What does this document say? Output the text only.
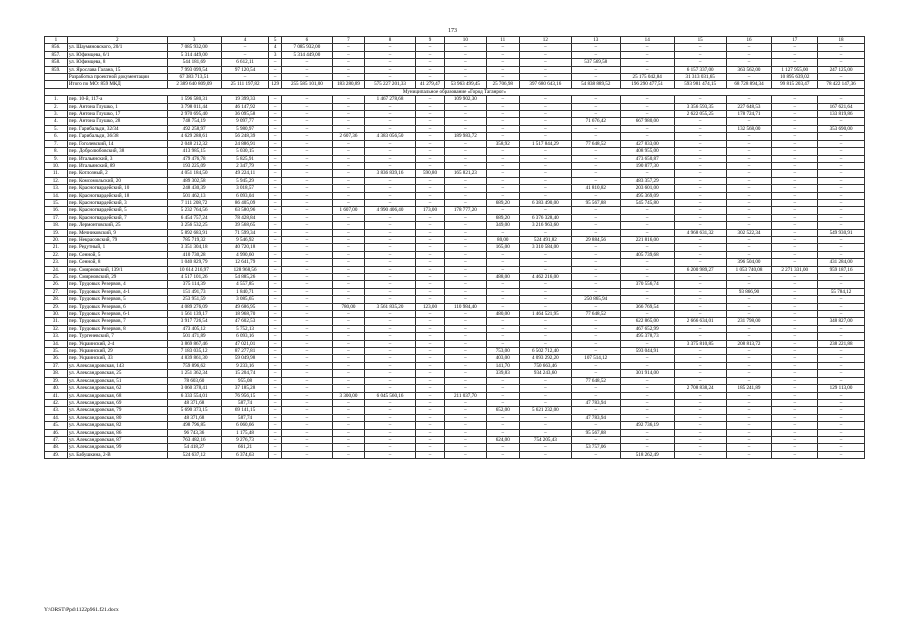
173
1	2	3	4	5	6	7	8	9	10	11	12	13	14	15	16	17	18
856.	ул. Шаумяновского, 20/1	7 085 932,00	–	4	7 085 932,00	–	–	–	–	–	–	–	–	–	–	–	–
857.	ул. Юфимцева, 6/1	5 314 449,00	–	3	5 314 449,00	–	–	–	–	–	–	–	–	–	–	–	–
858.	ул. Юфимцева, 8	544 181,69	6 612,11	–	–	–	–	–	–	–	–	537 569,58	–	–	–	–	–
859.	ул. Ярослава Галана, 15	7 993 099,54	97 120,54	–	–	–	–	–	–	–	–	–	–	6 157 337,00	363 562,00	1 127 955,00	247 125,00
	Разработка проектной документации	67 383 713,51	–	–	–	–	–	–	–	–	–	–	25 175 042,84	31 313 031,65	–	10 895 639,02	–
	Итого по МО: 859 МКД	2 389 640 809,09	25 111 197,82	129	255 585 101,00	183 280,89	575 227 201,33	41 279,47	53 963 499,45	25 706,98	397 680 643,16	54 838 889,52	196 290 477,51	593 981 474,15	68 728 894,34	99 815 203,47	78 422 147,36
Муниципальное образование «Город Таганрог»																	
1.	пер. 10-й, 117-а	1 596 580,31	19 399,33	–	–	–	1 467 278,68	–	109 902,30	–	–	–	–	–	–	–	–
2.	пер. Антона Глушко, 1	3 798 011,44	46 147,92	–	–	–	–	–	–	–	–	–	–	3 356 593,35	227 648,53	–	167 621,64
3.	пер. Антона Глушко, 17	2 970 695,40	36 095,58	–	–	–	–	–	–	–	–	–	–	2 622 055,25	178 724,71	–	133 819,86
4.	пер. Антона Глушко, 28	748 754,19	9 097,77	–	–	–	–	–	–	–	–	71 676,42	667 980,00	–	–	–	–
5.	пер. Гарибальди, 32/34	492 258,97	5 980,97	–	–	–	–	–	–	–	–	–	–	–	132 568,00	–	353 690,00
6.	пер. Гарибальди, 36/38	4 629 288,61	56 248,39	–	–	2 607,36	4 383 056,50	–	189 983,72	–	–	–	–	–	–	–	–
7.	пер. Гоголевский, 14	2 048 212,32	24 886,91	–	–	–	–	–	–	358,92	1 517 844,29	77 648,52	427 833,00	–	–	–	–
8.	пер. Добролюбовский, 38	413 985,15	5 030,15	–	–	–	–	–	–	–	–	–	408 955,00	–	–	–	–
9.	пер. Итальянский, 3	479 476,78	5 825,91	–	–	–	–	–	–	–	–	–	473 650,87	–	–	–	–
10.	пер. Итальянский, 89	193 225,09	2 347,79	–	–	–	–	–	–	–	–	–	190 877,30	–	–	–	–
11.	пер. Котлозный, 2	4 051 184,50	49 224,11	–	–	–	3 836 839,16	590,80	165 821,23	–	–	–	–	–	–	–	–
12.	пер. Комсомольский, 20	489 302,58	5 945,29	–	–	–	–	–	–	–	–	–	483 357,29	–	–	–	–
13.	пер. Красногвардейский, 10	248 430,39	3 018,57	–	–	–	–	–	–	–	–	41 810,82	203 601,00	–	–	–	–
14.	пер. Красногвардейский, 18	501 462,13	6 093,04	–	–	–	–	–	–	–	–	–	495 369,09	–	–	–	–
15.	пер. Красногвардейский, 3	7 111 208,72	86 405,09	–	–	–	–	–	–	689,20	6 383 490,00	95 567,88	545 745,80	–	–	–	–
16.	пер. Красногвардейский, 5	5 232 764,56	63 580,96	–	–	1 607,00	4 990 406,40	173,00	178 777,20	–	–	–	–	–	–	–	–
17.	пер. Красногвардейский, 7	6 454 757,24	78 428,84	–	–	–	–	–	–	689,20	6 376 328,40	–	–	–	–	–	–
18.	пер. Лермонтовский, 25	3 256 532,25	39 568,65	–	–	–	–	–	–	349,00	3 216 963,60	–	–	–	–	–	–
19.	пер. Мечниковский, 9	5 892 683,91	71 599,34	–	–	–	–	–	–	–	–	–	–	4 968 631,32	302 522,34	–	549 930,91
20.	пер. Некрасовский, 79	785 719,32	9 546,92	–	–	–	–	–	–	80,00	524 491,82	29 884,56	221 816,00	–	–	–	–
21.	пер. Редутный, 1	3 351 304,18	40 720,18	–	–	–	–	–	–	165,00	3 310 584,00	–	–	–	–	–	–
22.	пер. Сенной, 5	410 730,28	4 990,60	–	–	–	–	–	–	–	–	–	405 739,68	–	–	–	–
23.	пер. Сенной, 8	1 040 829,79	12 641,79	–	–	–	–	–	–	–	–	–	–	–	396 504,00	–	431 284,00
24.	пер. Смирновский, 139/1	10 614 216,97	128 968,56	–	–	–	–	–	–	–	–	–	–	6 200 989,27	1 053 740,08	2 271 331,00	959 187,16
25.	пер. Смирновский, 29	4 517 101,26	54 885,26	–	–	–	–	–	–	488,00	4 462 216,00	–	–	–	–	–	–
26.	пер. Трудовых Резервов, 4	375 114,39	4 557,85	–	–	–	–	–	–	–	–	–	370 556,74	–	–	–	–
27.	пер. Трудовых Резервов, 4-1	151 491,73	1 840,71	–	–	–	–	–	–	–	–	–	–	–	93 866,90	–	55 784,12
28.	пер. Трудовых Резервов, 5	253 951,59	3 085,65	–	–	–	–	–	–	–	–	250 865,94	–	–	–	–	–
29.	пер. Трудовых Резервов, 6	4 089 276,09	49 686,95	–	–	780,00	3 561 835,20	123,00	110 984,40	–	–	–	366 769,54	–	–	–	–
30.	пер. Трудовых Резервов, 6-1	1 561 139,17	18 968,70	–	–	–	–	–	–	480,00	1 464 521,95	77 648,52	–	–	–	–	–
31.	пер. Трудовых Резервов, 7	3 917 726,54	47 602,53	–	–	–	–	–	–	–	–	–	622 865,00	2 666 634,01	231 798,00	–	348 827,00
32.	пер. Трудовых Резервов, 8	473 405,12	5 752,13	–	–	–	–	–	–	–	–	–	467 652,99	–	–	–	–
33.	пер. Тургеневский, 7	501 471,89	6 093,16	–	–	–	–	–	–	–	–	–	495 378,73	–	–	–	–
34.	пер. Украинский, 2-4	3 869 867,46	47 021,01	–	–	–	–	–	–	–	–	–	–	3 375 810,85	208 813,72	–	238 221,88
35.	пер. Украинский, 29	7 183 035,12	87 277,81	–	–	–	–	–	–	753,00	6 502 712,40	–	593 044,91	–	–	–	–
36.	пер. Украинский, 33	4 839 861,30	59 049,98	–	–	–	–	–	–	403,00	4 093 292,20	107 514,12	–	–	–	–	–
37.	ул. Александровская, 143	759 896,62	9 233,16	–	–	–	–	–	–	141,70	750 663,46	–	–	–	–	–	–
38.	ул. Александровская, 25	1 251 362,34	15 204,74	–	–	–	–	–	–	339,83	934 243,60	–	301 914,00	–	–	–	–
39.	ул. Александровская, 51	78 603,60	955,08	–	–	–	–	–	–	–	–	77 648,52	–	–	–	–	–
40.	ул. Александровская, 62	3 060 378,41	37 185,28	–	–	–	–	–	–	–	–	–	–	2 708 838,24	185 241,89	–	129 113,00
41.	ул. Александровская, 68	6 333 554,01	76 956,15	–	–	3 300,00	6 045 560,16	–	211 037,70	–	–	–	–	–	–	–	–
42.	ул. Александровская, 69	48 371,68	587,74	–	–	–	–	–	–	–	–	47 783,94	–	–	–	–	–
43.	ул. Александровская, 79	5 690 373,15	69 141,15	–	–	–	–	–	–	652,00	5 621 232,00	–	–	–	–	–	–
44.	ул. Александровская, 80	48 371,68	587,74	–	–	–	–	–	–	–	–	47 783,94	–	–	–	–	–
45.	ул. Александровская, 82	498 796,85	6 060,66	–	–	–	–	–	–	–	–	–	492 736,19	–	–	–	–
46.	ул. Александровская, 86	96 743,36	1 175,48	–	–	–	–	–	–	–	–	95 567,88	–	–	–	–	–
47.	ул. Александровская, 87	763 482,16	9 276,73	–	–	–	–	–	–	624,00	754 205,43	–	–	–	–	–	–
48.	ул. Александровская, 99	54 418,27	661,21	–	–	–	–	–	–	–	–	53 757,06	–	–	–	–	–
49.	ул. Бабушкина, 2-В	524 637,12	6 374,63	–	–	–	–	–	–	–	–	–	518 262,49	–	–	–	–
Y:\ORST\Ppd\1122p961.f21.docx
